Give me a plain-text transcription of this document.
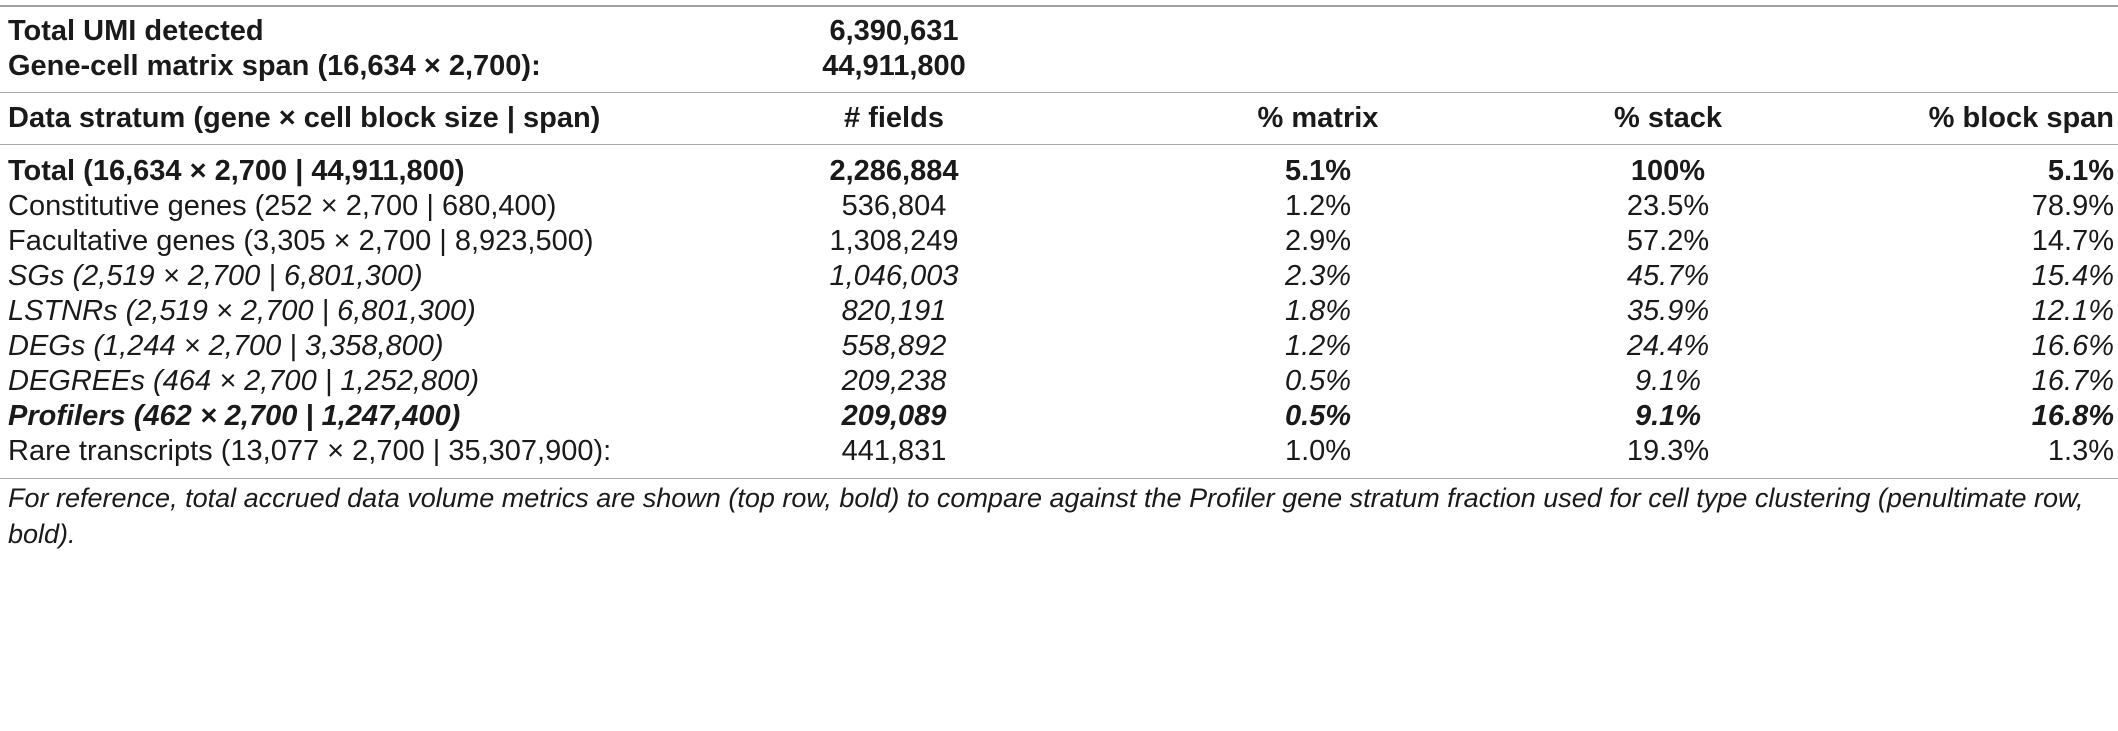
Total UMI detected	6,390,631
Gene-cell matrix span (16,634 × 2,700):	44,911,800
Data stratum (gene × cell block size | span)	# fields	% matrix	% stack	% block span
Total (16,634 × 2,700 | 44,911,800)	2,286,884	5.1%	100%	5.1%
Constitutive genes (252 × 2,700 | 680,400)	536,804	1.2%	23.5%	78.9%
Facultative genes (3,305 × 2,700 | 8,923,500)	1,308,249	2.9%	57.2%	14.7%
SGs (2,519 × 2,700 | 6,801,300)	1,046,003	2.3%	45.7%	15.4%
LSTNRs (2,519 × 2,700 | 6,801,300)	820,191	1.8%	35.9%	12.1%
DEGs (1,244 × 2,700 | 3,358,800)	558,892	1.2%	24.4%	16.6%
DEGREEs (464 × 2,700 | 1,252,800)	209,238	0.5%	9.1%	16.7%
Profilers (462 × 2,700 | 1,247,400)	209,089	0.5%	9.1%	16.8%
Rare transcripts (13,077 × 2,700 | 35,307,900):	441,831	1.0%	19.3%	1.3%
For reference, total accrued data volume metrics are shown (top row, bold) to compare against the Profiler gene stratum fraction used for cell type clustering (penultimate row, bold).
